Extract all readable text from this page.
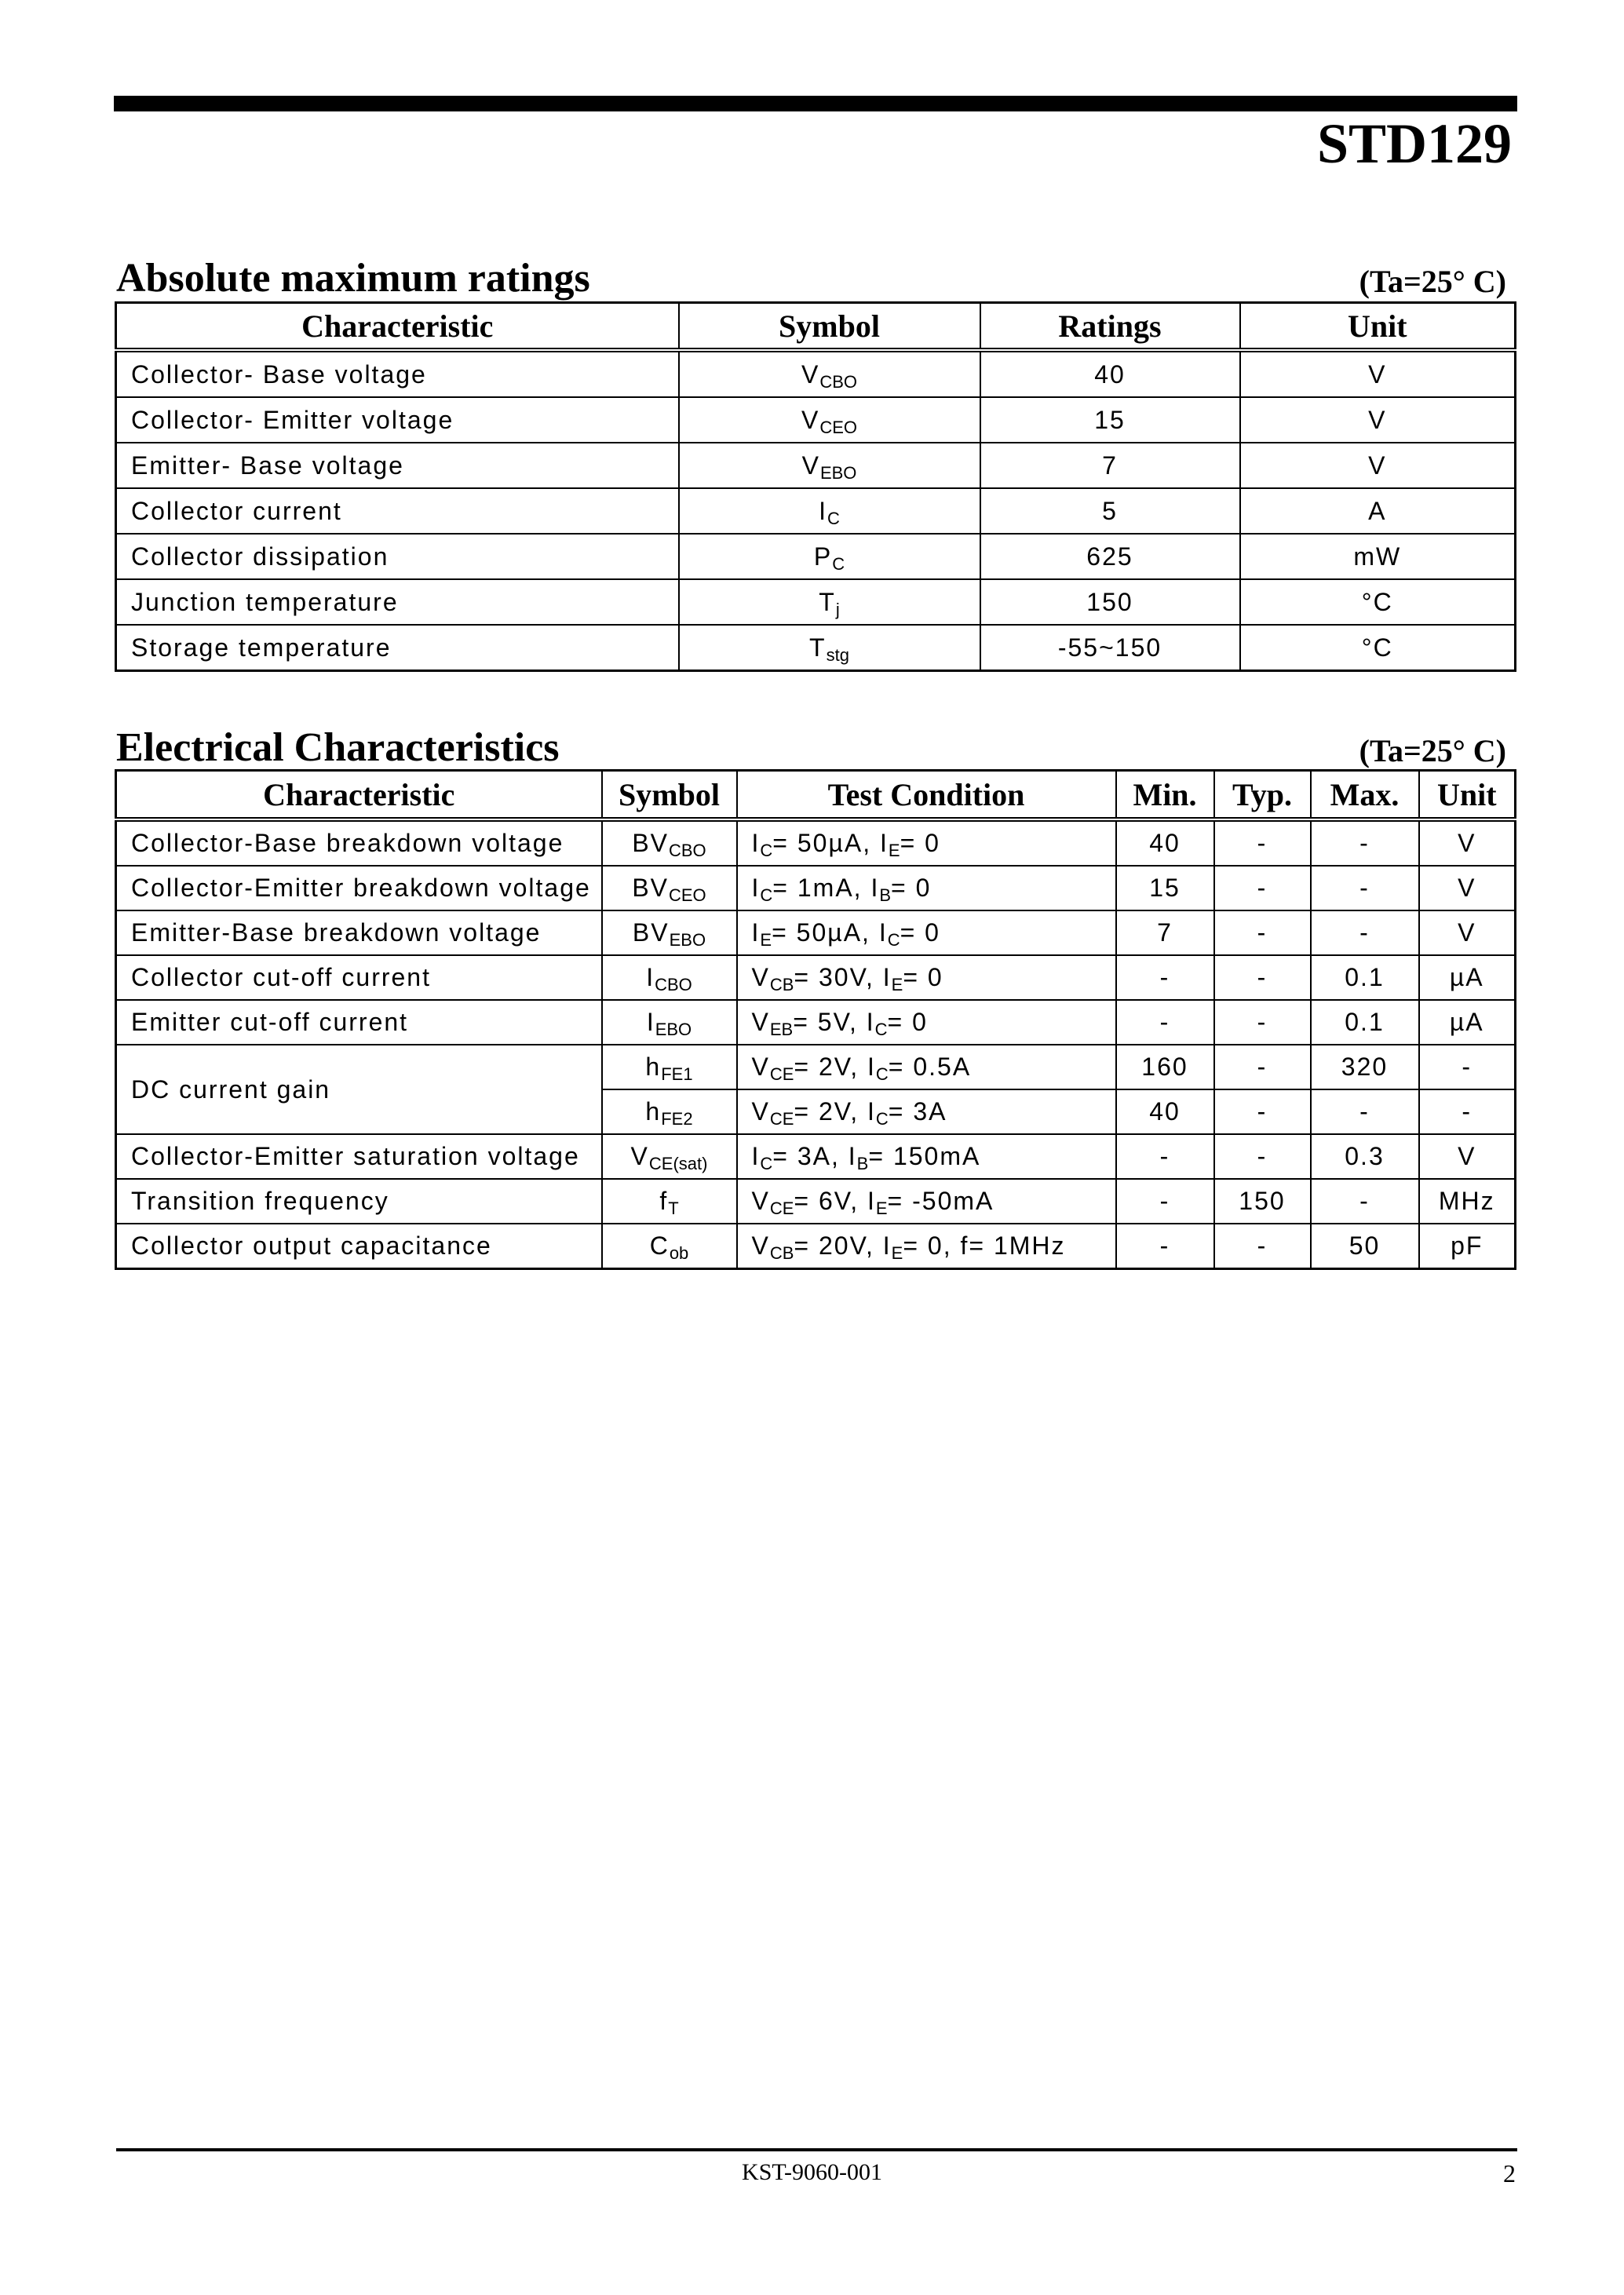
STD129
Absolute maximum ratings	(Ta=25° C)
Characteristic	Symbol	Ratings	Unit
Collector- Base voltage	$V_{CBO}$	40	V
Collector- Emitter voltage	$V_{CEO}$	15	V
Emitter- Base voltage	$V_{EBO}$	7	V
Collector current	$I_C$	5	A
Collector dissipation	$P_C$	625	mW
Junction temperature	$T_j$	150	°C
Storage temperature	$T_{stg}$	-55~150	°C
Electrical Characteristics	(Ta=25° C)
Characteristic	Symbol	Test Condition	Min.	Typ.	Max.	Unit
Collector-Base breakdown voltage	$BV_{CBO}$	$I_C= 50\mu A$, $I_E= 0$	40	-	-	V
Collector-Emitter breakdown voltage	$BV_{CEO}$	$I_C= 1mA$, $I_B= 0$	15	-	-	V
Emitter-Base breakdown voltage	$BV_{EBO}$	$I_E= 50\mu A$, $I_C= 0$	7	-	-	V
Collector cut-off current	$I_{CBO}$	$V_{CB}= 30V$, $I_E= 0$	-	-	0.1	µA
Emitter cut-off current	$I_{EBO}$	$V_{EB}= 5V$, $I_C= 0$	-	-	0.1	µA
DC current gain	$h_{FE1}$	$V_{CE}= 2V$, $I_C= 0.5A$	160	-	320	-
	$h_{FE2}$	$V_{CE}= 2V$, $I_C= 3A$	40	-	-	-
Collector-Emitter saturation voltage	$V_{CE(sat)}$	$I_C= 3A$, $I_B= 150mA$	-	-	0.3	V
Transition frequency	$f_T$	$V_{CE}= 6V$, $I_E= -50mA$	-	150	-	MHz
Collector output capacitance	$C_{ob}$	$V_{CB}= 20V$, $I_E= 0$, f= 1MHz	-	-	50	pF
KST-9060-001	2
